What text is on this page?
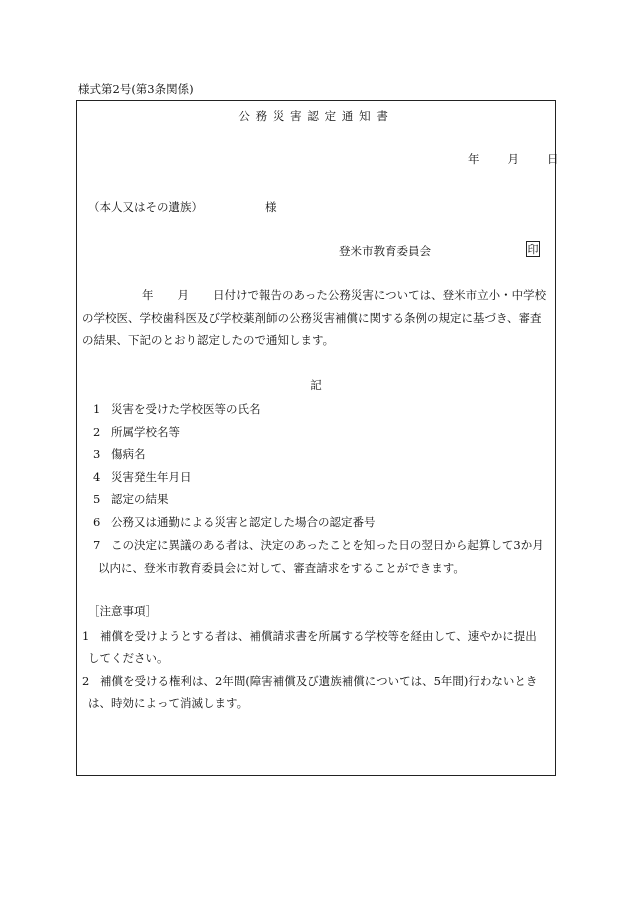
様式第2号(第3条関係)
公務災害認定通知書
年 月 日
（本人又はその遺族）	様
登米市教育委員会	印
年 月 日付けで報告のあった公務災害については、登米市立小・中学校
の学校医、学校歯科医及び学校薬剤師の公務災害補償に関する条例の規定に基づき、審査
の結果、下記のとおり認定したので通知します。
記
1 災害を受けた学校医等の氏名
2 所属学校名等
3 傷病名
4 災害発生年月日
5 認定の結果
6 公務又は通勤による災害と認定した場合の認定番号
7 この決定に異議のある者は、決定のあったことを知った日の翌日から起算して3か月
以内に、登米市教育委員会に対して、審査請求をすることができます。
［注意事項］
1 補償を受けようとする者は、補償請求書を所属する学校等を経由して、速やかに提出
してください。
2 補償を受ける権利は、2年間(障害補償及び遺族補償については、5年間)行わないとき
は、時効によって消滅します。
